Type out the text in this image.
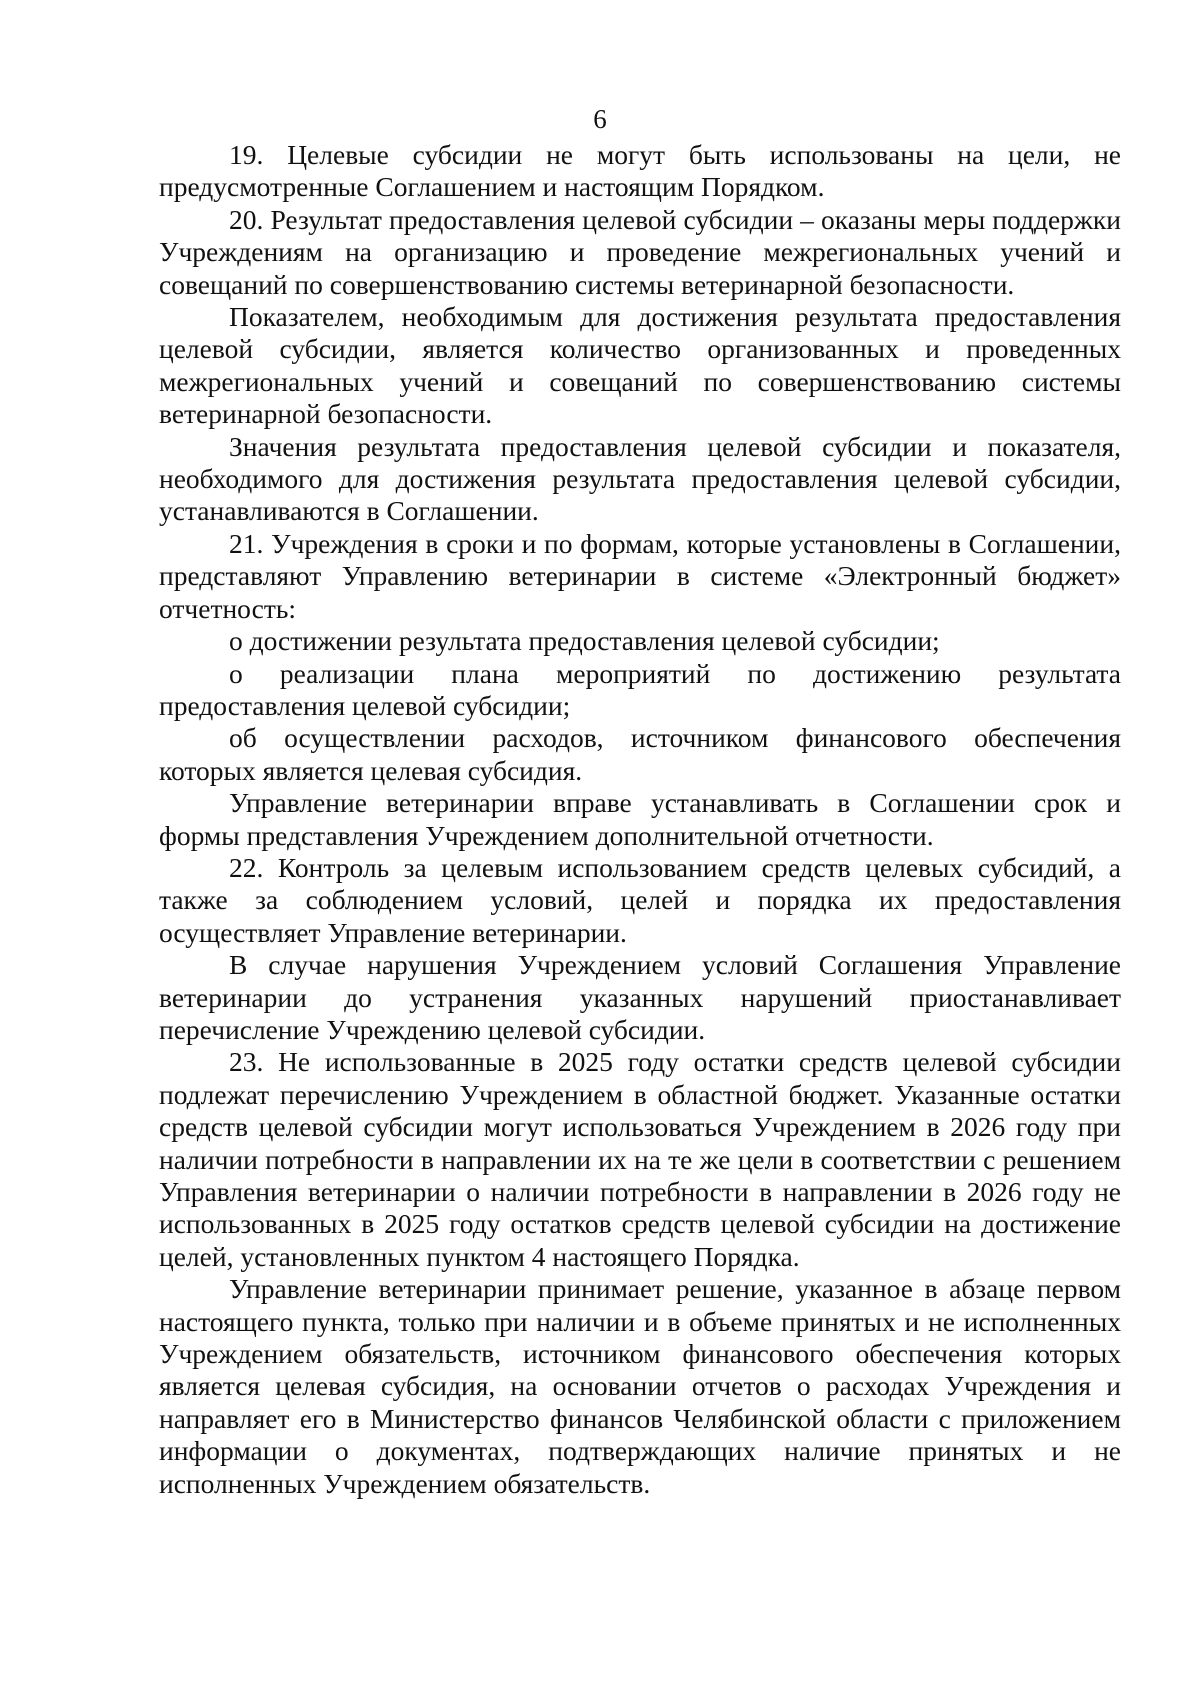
6

19. Целевые субсидии не могут быть использованы на цели, не предусмотренные Соглашением и настоящим Порядком.

20. Результат предоставления целевой субсидии – оказаны меры поддержки Учреждениям на организацию и проведение межрегиональных учений и совещаний по совершенствованию системы ветеринарной безопасности.

Показателем, необходимым для достижения результата предоставления целевой субсидии, является количество организованных и проведенных межрегиональных учений и совещаний по совершенствованию системы ветеринарной безопасности.

Значения результата предоставления целевой субсидии и показателя, необходимого для достижения результата предоставления целевой субсидии, устанавливаются в Соглашении.

21. Учреждения в сроки и по формам, которые установлены в Соглашении, представляют Управлению ветеринарии в системе «Электронный бюджет» отчетность:

о достижении результата предоставления целевой субсидии;

о реализации плана мероприятий по достижению результата предоставления целевой субсидии;

об осуществлении расходов, источником финансового обеспечения которых является целевая субсидия.

Управление ветеринарии вправе устанавливать в Соглашении срок и формы представления Учреждением дополнительной отчетности.

22. Контроль за целевым использованием средств целевых субсидий, а также за соблюдением условий, целей и порядка их предоставления осуществляет Управление ветеринарии.

В случае нарушения Учреждением условий Соглашения Управление ветеринарии до устранения указанных нарушений приостанавливает перечисление Учреждению целевой субсидии.

23. Не использованные в 2025 году остатки средств целевой субсидии подлежат перечислению Учреждением в областной бюджет. Указанные остатки средств целевой субсидии могут использоваться Учреждением в 2026 году при наличии потребности в направлении их на те же цели в соответствии с решением Управления ветеринарии о наличии потребности в направлении в 2026 году не использованных в 2025 году остатков средств целевой субсидии на достижение целей, установленных пунктом 4 настоящего Порядка.

Управление ветеринарии принимает решение, указанное в абзаце первом настоящего пункта, только при наличии и в объеме принятых и не исполненных Учреждением обязательств, источником финансового обеспечения которых является целевая субсидия, на основании отчетов о расходах Учреждения и направляет его в Министерство финансов Челябинской области с приложением информации о документах, подтверждающих наличие принятых и не исполненных Учреждением обязательств.
